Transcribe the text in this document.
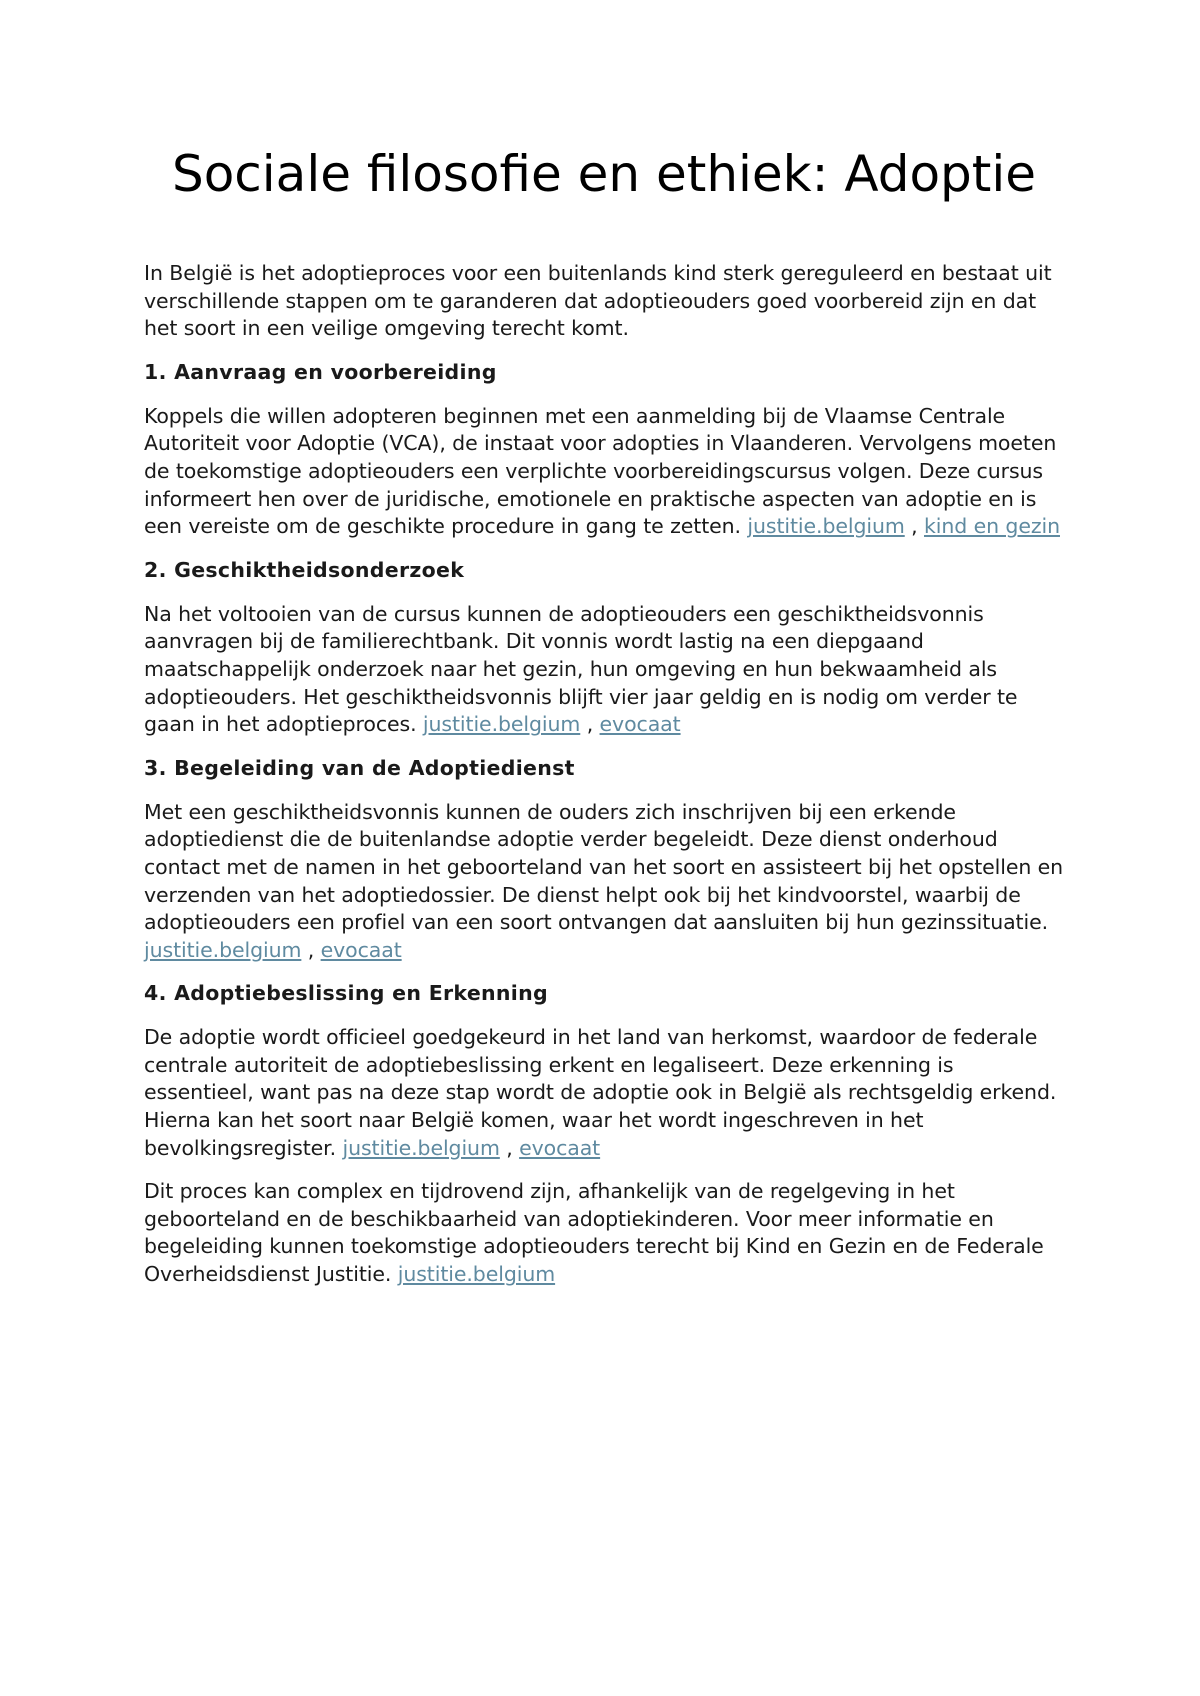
Sociale filosofie en ethiek: Adoptie

In België is het adoptieproces voor een buitenlands kind sterk gereguleerd en bestaat uit verschillende stappen om te garanderen dat adoptieouders goed voorbereid zijn en dat het soort in een veilige omgeving terecht komt.

1. Aanvraag en voorbereiding

Koppels die willen adopteren beginnen met een aanmelding bij de Vlaamse Centrale Autoriteit voor Adoptie (VCA), de instaat voor adopties in Vlaanderen. Vervolgens moeten de toekomstige adoptieouders een verplichte voorbereidingscursus volgen. Deze cursus informeert hen over de juridische, emotionele en praktische aspecten van adoptie en is een vereiste om de geschikte procedure in gang te zetten. justitie.belgium , kind en gezin

2. Geschiktheidsonderzoek

Na het voltooien van de cursus kunnen de adoptieouders een geschiktheidsvonnis aanvragen bij de familierechtbank. Dit vonnis wordt lastig na een diepgaand maatschappelijk onderzoek naar het gezin, hun omgeving en hun bekwaamheid als adoptieouders. Het geschiktheidsvonnis blijft vier jaar geldig en is nodig om verder te gaan in het adoptieproces. justitie.belgium , evocaat

3. Begeleiding van de Adoptiedienst

Met een geschiktheidsvonnis kunnen de ouders zich inschrijven bij een erkende adoptiedienst die de buitenlandse adoptie verder begeleidt. Deze dienst onderhoud contact met de namen in het geboorteland van het soort en assisteert bij het opstellen en verzenden van het adoptiedossier. De dienst helpt ook bij het kindvoorstel, waarbij de adoptieouders een profiel van een soort ontvangen dat aansluiten bij hun gezinssituatie. justitie.belgium , evocaat

4. Adoptiebeslissing en Erkenning

De adoptie wordt officieel goedgekeurd in het land van herkomst, waardoor de federale centrale autoriteit de adoptiebeslissing erkent en legaliseert. Deze erkenning is essentieel, want pas na deze stap wordt de adoptie ook in België als rechtsgeldig erkend. Hierna kan het soort naar België komen, waar het wordt ingeschreven in het bevolkingsregister. justitie.belgium , evocaat

Dit proces kan complex en tijdrovend zijn, afhankelijk van de regelgeving in het geboorteland en de beschikbaarheid van adoptiekinderen. Voor meer informatie en begeleiding kunnen toekomstige adoptieouders terecht bij Kind en Gezin en de Federale Overheidsdienst Justitie. justitie.belgium
